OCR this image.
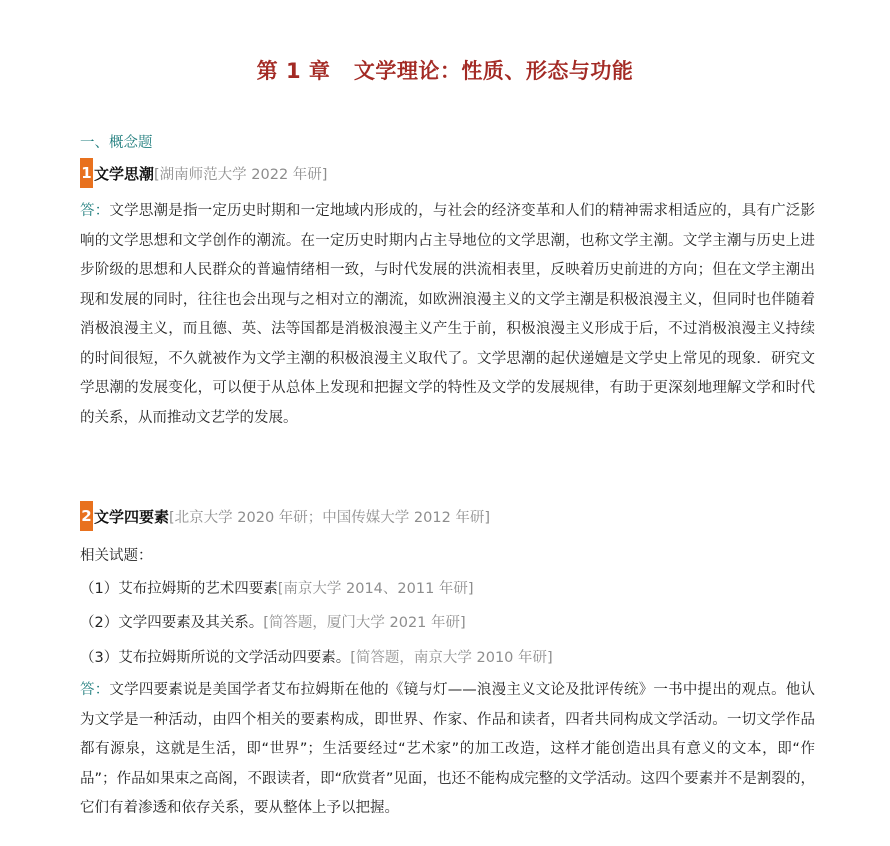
第 1 章   文学理论：性质、形态与功能
一、概念题
1 文学思潮 [湖南师范大学 2022 年研]
答：文学思潮是指一定历史时期和一定地域内形成的，与社会的经济变革和人们的精神需求相适应的，具有广泛影响的文学思想和文学创作的潮流。在一定历史时期内占主导地位的文学思潮，也称文学主潮。文学主潮与历史上进步阶级的思想和人民群众的普遍情绪相一致，与时代发展的洪流相表里，反映着历史前进的方向；但在文学主潮出现和发展的同时，往往也会出现与之相对立的潮流，如欧洲浪漫主义的文学主潮是积极浪漫主义，但同时也伴随着消极浪漫主义，而且德、英、法等国都是消极浪漫主义产生于前，积极浪漫主义形成于后，不过消极浪漫主义持续的时间很短，不久就被作为文学主潮的积极浪漫主义取代了。文学思潮的起伏递嬗是文学史上常见的现象．研究文学思潮的发展变化，可以便于从总体上发现和把握文学的特性及文学的发展规律，有助于更深刻地理解文学和时代的关系，从而推动文艺学的发展。
2 文学四要素 [北京大学 2020 年研；中国传媒大学 2012 年研]
相关试题：
（1）艾布拉姆斯的艺术四要素[南京大学 2014、2011 年研]
（2）文学四要素及其关系。[简答题，厦门大学 2021 年研]
（3）艾布拉姆斯所说的文学活动四要素。[简答题，南京大学 2010 年研]
答：文学四要素说是美国学者艾布拉姆斯在他的《镜与灯——浪漫主义文论及批评传统》一书中提出的观点。他认为文学是一种活动，由四个相关的要素构成，即世界、作家、作品和读者，四者共同构成文学活动。一切文学作品都有源泉，这就是生活，即“世界”；生活要经过“艺术家”的加工改造，这样才能创造出具有意义的文本，即“作品”；作品如果束之高阁，不跟读者，即“欣赏者”见面，也还不能构成完整的文学活动。这四个要素并不是割裂的，它们有着渗透和依存关系，要从整体上予以把握。
